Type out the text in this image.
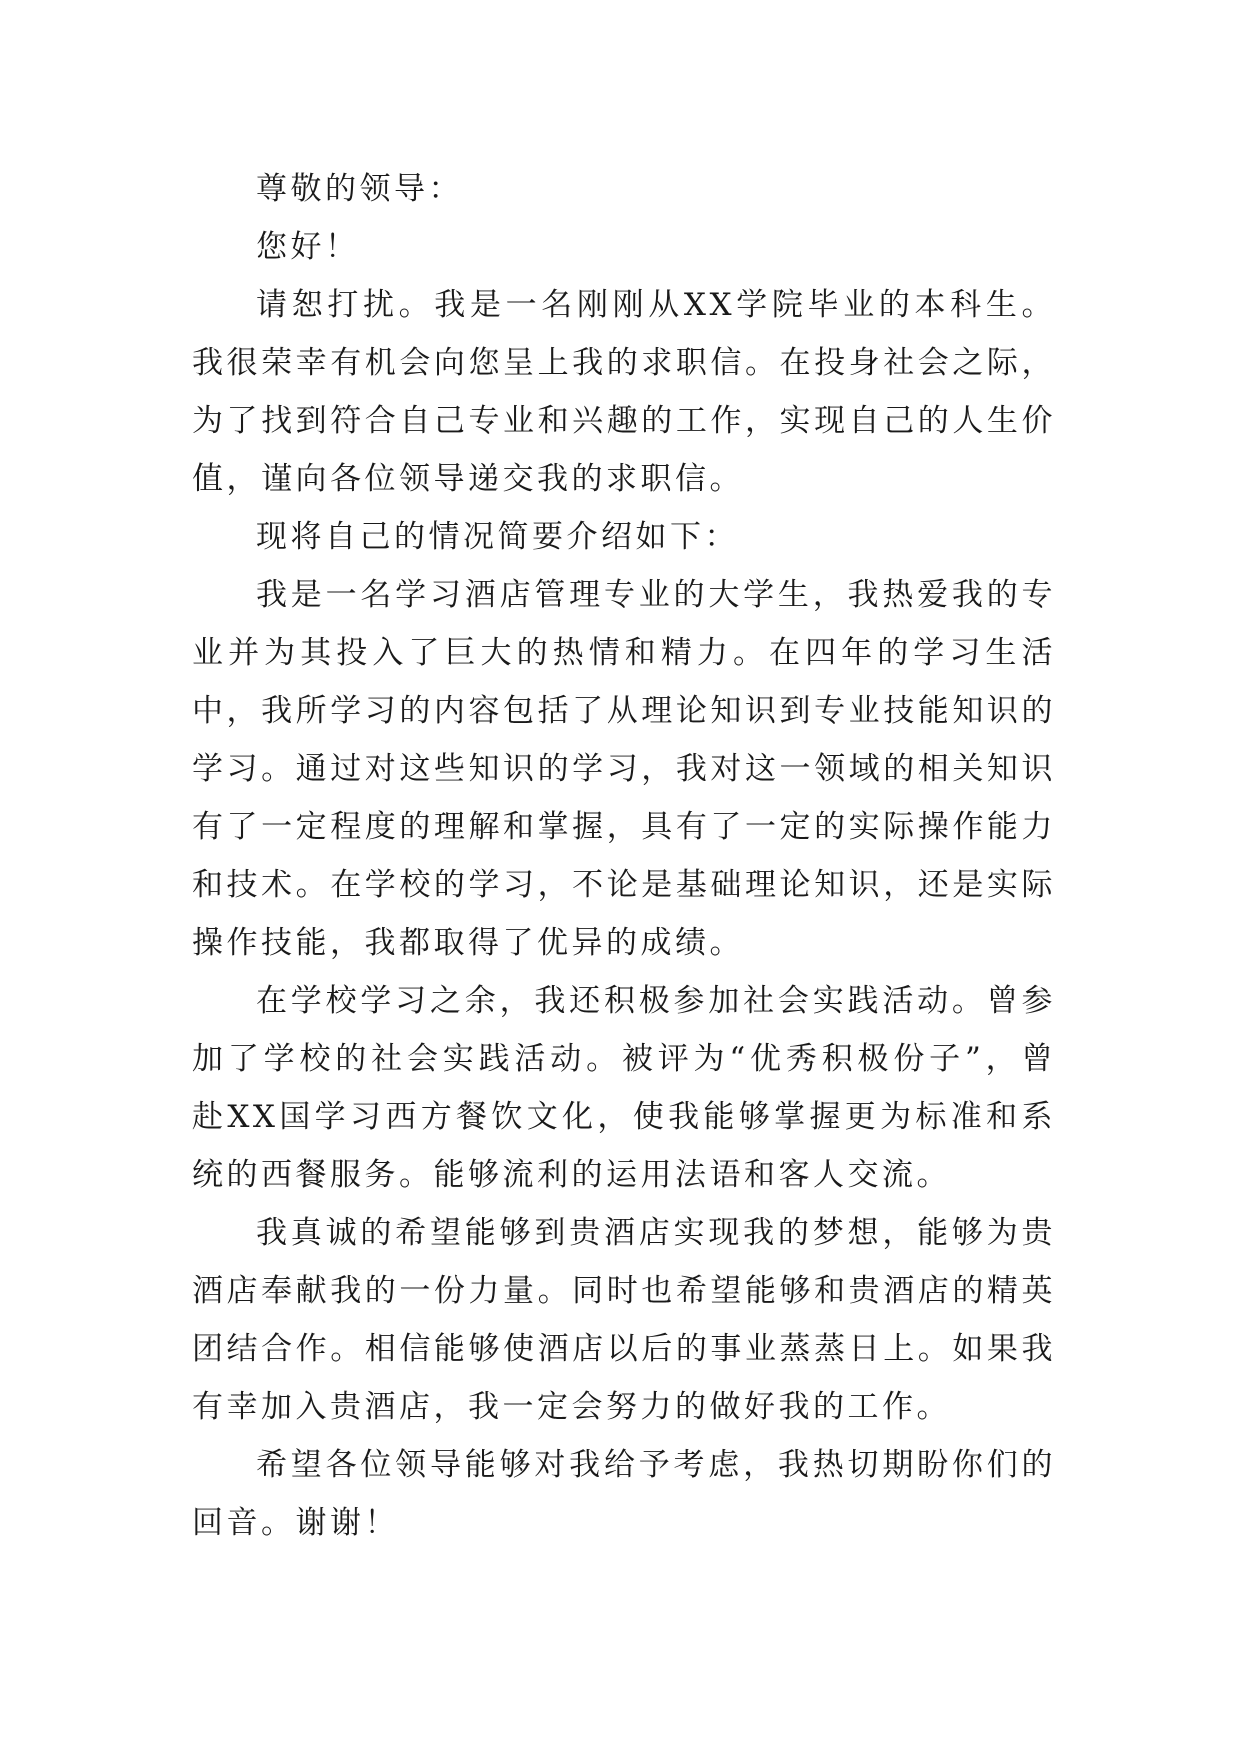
尊敬的领导：

您好！

请恕打扰。我是一名刚刚从XX学院毕业的本科生。我很荣幸有机会向您呈上我的求职信。在投身社会之际，为了找到符合自己专业和兴趣的工作，实现自己的人生价值，谨向各位领导递交我的求职信。

现将自己的情况简要介绍如下：

我是一名学习酒店管理专业的大学生，我热爱我的专业并为其投入了巨大的热情和精力。在四年的学习生活中，我所学习的内容包括了从理论知识到专业技能知识的学习。通过对这些知识的学习，我对这一领域的相关知识有了一定程度的理解和掌握，具有了一定的实际操作能力和技术。在学校的学习，不论是基础理论知识，还是实际操作技能，我都取得了优异的成绩。

在学校学习之余，我还积极参加社会实践活动。曾参加了学校的社会实践活动。被评为“优秀积极份子”，曾赴XX国学习西方餐饮文化，使我能够掌握更为标准和系统的西餐服务。能够流利的运用法语和客人交流。

我真诚的希望能够到贵酒店实现我的梦想，能够为贵酒店奉献我的一份力量。同时也希望能够和贵酒店的精英团结合作。相信能够使酒店以后的事业蒸蒸日上。如果我有幸加入贵酒店，我一定会努力的做好我的工作。

希望各位领导能够对我给予考虑，我热切期盼你们的回音。谢谢！
